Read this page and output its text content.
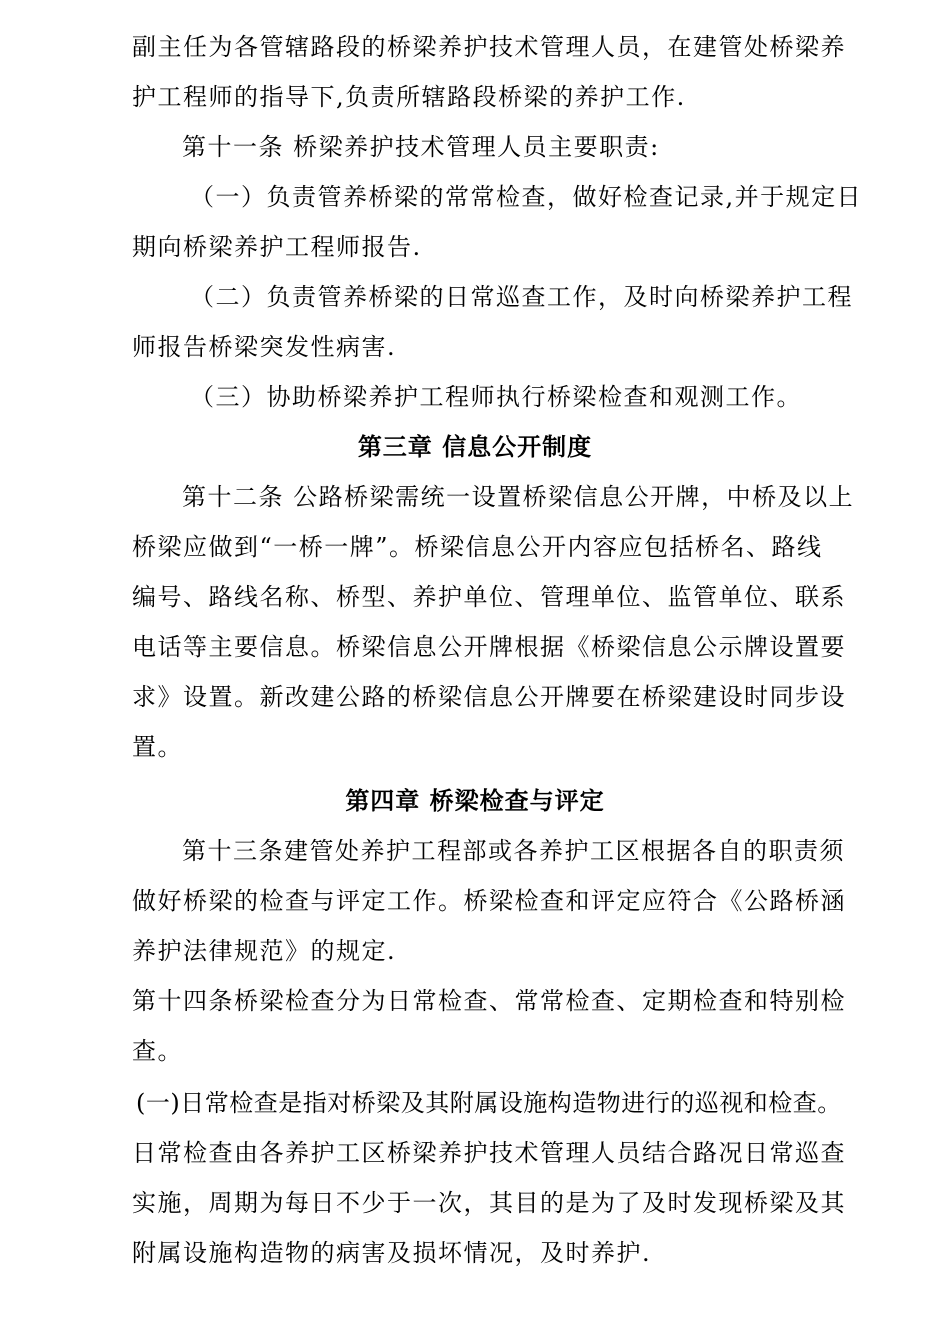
副主任为各管辖路段的桥梁养护技术管理人员，在建管处桥梁养
护工程师的指导下,负责所辖路段桥梁的养护工作.
第十一条 桥梁养护技术管理人员主要职责:
（一）负责管养桥梁的常常检查，做好检查记录,并于规定日
期向桥梁养护工程师报告.
（二）负责管养桥梁的日常巡查工作，及时向桥梁养护工程
师报告桥梁突发性病害.
（三）协助桥梁养护工程师执行桥梁检查和观测工作。
第三章 信息公开制度
第十二条 公路桥梁需统一设置桥梁信息公开牌，中桥及以上
桥梁应做到“一桥一牌”。桥梁信息公开内容应包括桥名、路线
编号、路线名称、桥型、养护单位、管理单位、监管单位、联系
电话等主要信息。桥梁信息公开牌根据《桥梁信息公示牌设置要
求》设置。新改建公路的桥梁信息公开牌要在桥梁建设时同步设
置。
第四章 桥梁检查与评定
第十三条建管处养护工程部或各养护工区根据各自的职责须
做好桥梁的检查与评定工作。桥梁检查和评定应符合《公路桥涵
养护法律规范》的规定.
第十四条桥梁检查分为日常检查、常常检查、定期检查和特别检
查。
(一)日常检查是指对桥梁及其附属设施构造物进行的巡视和检查。
日常检查由各养护工区桥梁养护技术管理人员结合路况日常巡查
实施，周期为每日不少于一次，其目的是为了及时发现桥梁及其
附属设施构造物的病害及损坏情况，及时养护.
